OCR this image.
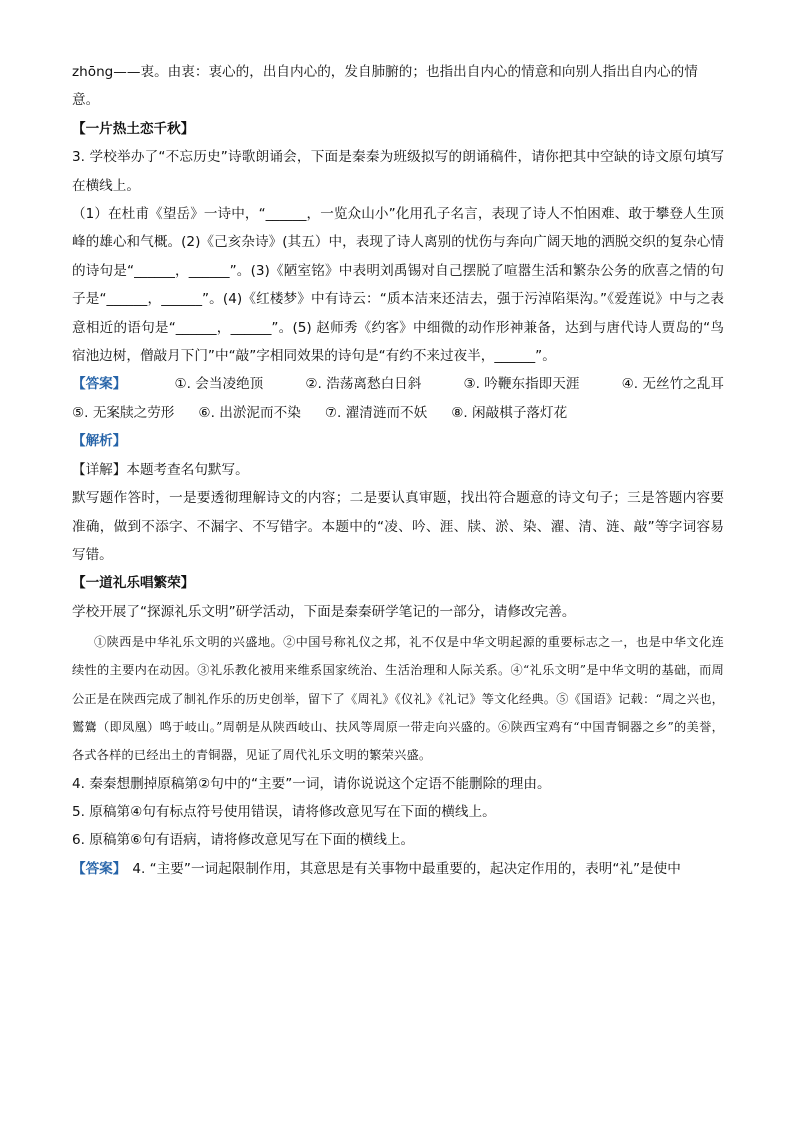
zhōng——衷。由衷：衷心的，出自内心的，发自肺腑的；也指出自内心的情意和向别人指出自内心的情
意。
【一片热土恋千秋】
3. 学校举办了“不忘历史”诗歌朗诵会，下面是秦秦为班级拟写的朗诵稿件，请你把其中空缺的诗文原句填写在横线上。
（1）在杜甫《望岳》一诗中，“______，一览众山小”化用孔子名言，表现了诗人不怕困难、敢于攀登人生顶峰的雄心和气概。(2)《己亥杂诗》(其五）中，表现了诗人离别的忧伤与奔向广阔天地的洒脱交织的复杂心情的诗句是“______，______”。(3)《陋室铭》中表明刘禹锡对自己摆脱了喧嚣生活和繁杂公务的欣喜之情的句子是“______，______”。(4)《红楼梦》中有诗云：“质本洁来还洁去，强于污淖陷渠沟。”《爱莲说》中与之表意相近的语句是“______，______”。(5) 赵师秀《约客》中细微的动作形神兼备，达到与唐代诗人贾岛的“鸟宿池边树，僧敲月下门”中“敲”字相同效果的诗句是“有约不来过夜半，______”。
【答案】	①. 会当凌绝顶	②. 浩荡离愁白日斜	③. 吟鞭东指即天涯	④. 无丝竹之乱耳
⑤. 无案牍之劳形 ⑥. 出淤泥而不染 ⑦. 濯清涟而不妖 ⑧. 闲敲棋子落灯花
【解析】
【详解】本题考查名句默写。
默写题作答时，一是要透彻理解诗文的内容；二是要认真审题，找出符合题意的诗文句子；三是答题内容要准确，做到不添字、不漏字、不写错字。本题中的“凌、吟、涯、牍、淤、染、濯、清、涟、敲”等字词容易写错。
【一道礼乐唱繁荣】
学校开展了“探源礼乐文明”研学活动，下面是秦秦研学笔记的一部分，请修改完善。

①陕西是中华礼乐文明的兴盛地。②中国号称礼仪之邦，礼不仅是中华文明起源的重要标志之一，也是中华文化连续性的主要内在动因。③礼乐教化被用来维系国家统治、生活治理和人际关系。④“礼乐文明”是中华文明的基础，而周公正是在陕西完成了制礼作乐的历史创举，留下了《周礼》《仪礼》《礼记》等文化经典。⑤《国语》记载：“周之兴也，鸑鷟（即凤凰）鸣于岐山。”周朝是从陕西岐山、扶风等周原一带走向兴盛的。⑥陕西宝鸡有“中国青铜器之乡”的美誉，各式各样的已经出土的青铜器，见证了周代礼乐文明的繁荣兴盛。

4. 秦秦想删掉原稿第②句中的“主要”一词，请你说说这个定语不能删除的理由。
5. 原稿第④句有标点符号使用错误，请将修改意见写在下面的横线上。
6. 原稿第⑥句有语病，请将修改意见写在下面的横线上。
【答案】 4. “主要”一词起限制作用，其意思是有关事物中最重要的，起决定作用的，表明“礼”是使中
